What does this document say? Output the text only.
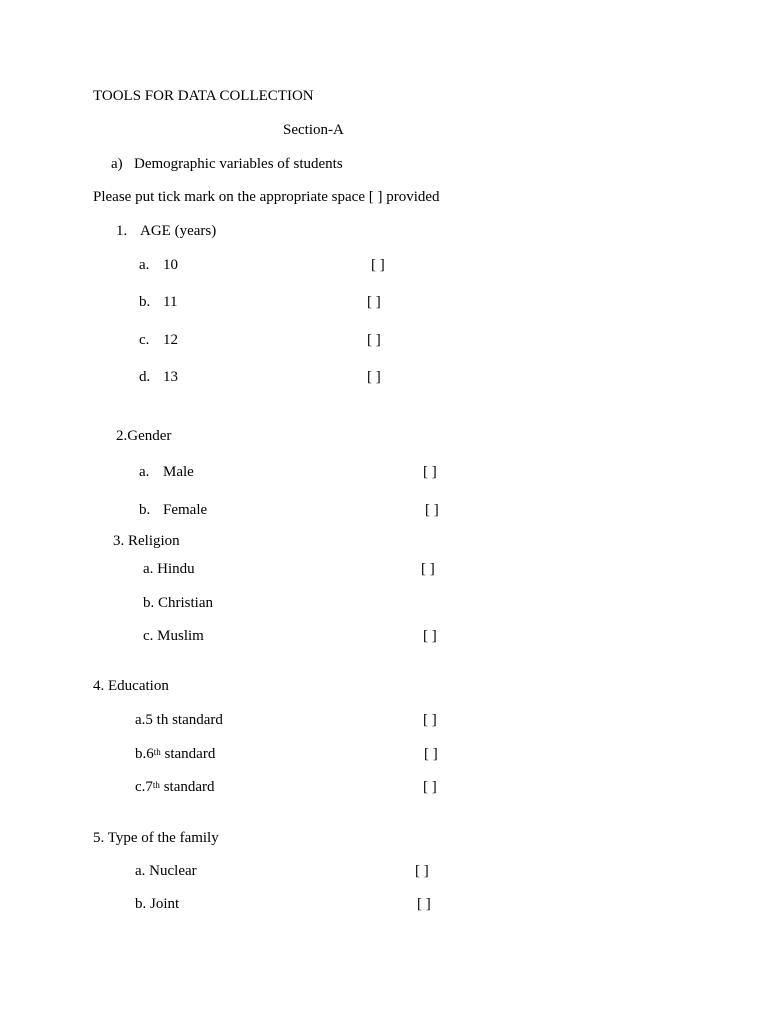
TOOLS FOR DATA COLLECTION
Section-A
a) Demographic variables of students
Please put tick mark on the appropriate space [ ] provided
1. AGE (years)
a. 10	[ ]
b. 11	[ ]
c. 12	[ ]
d. 13	[ ]
2.Gender
a. Male	[ ]
b. Female	[ ]
3. Religion
a. Hindu	[ ]
b. Christian
c. Muslim	[ ]
4. Education
a.5 th standard	[ ]
b.6th standard	[ ]
c.7th standard	[ ]
5. Type of the family
a. Nuclear	[ ]
b. Joint	[ ]
